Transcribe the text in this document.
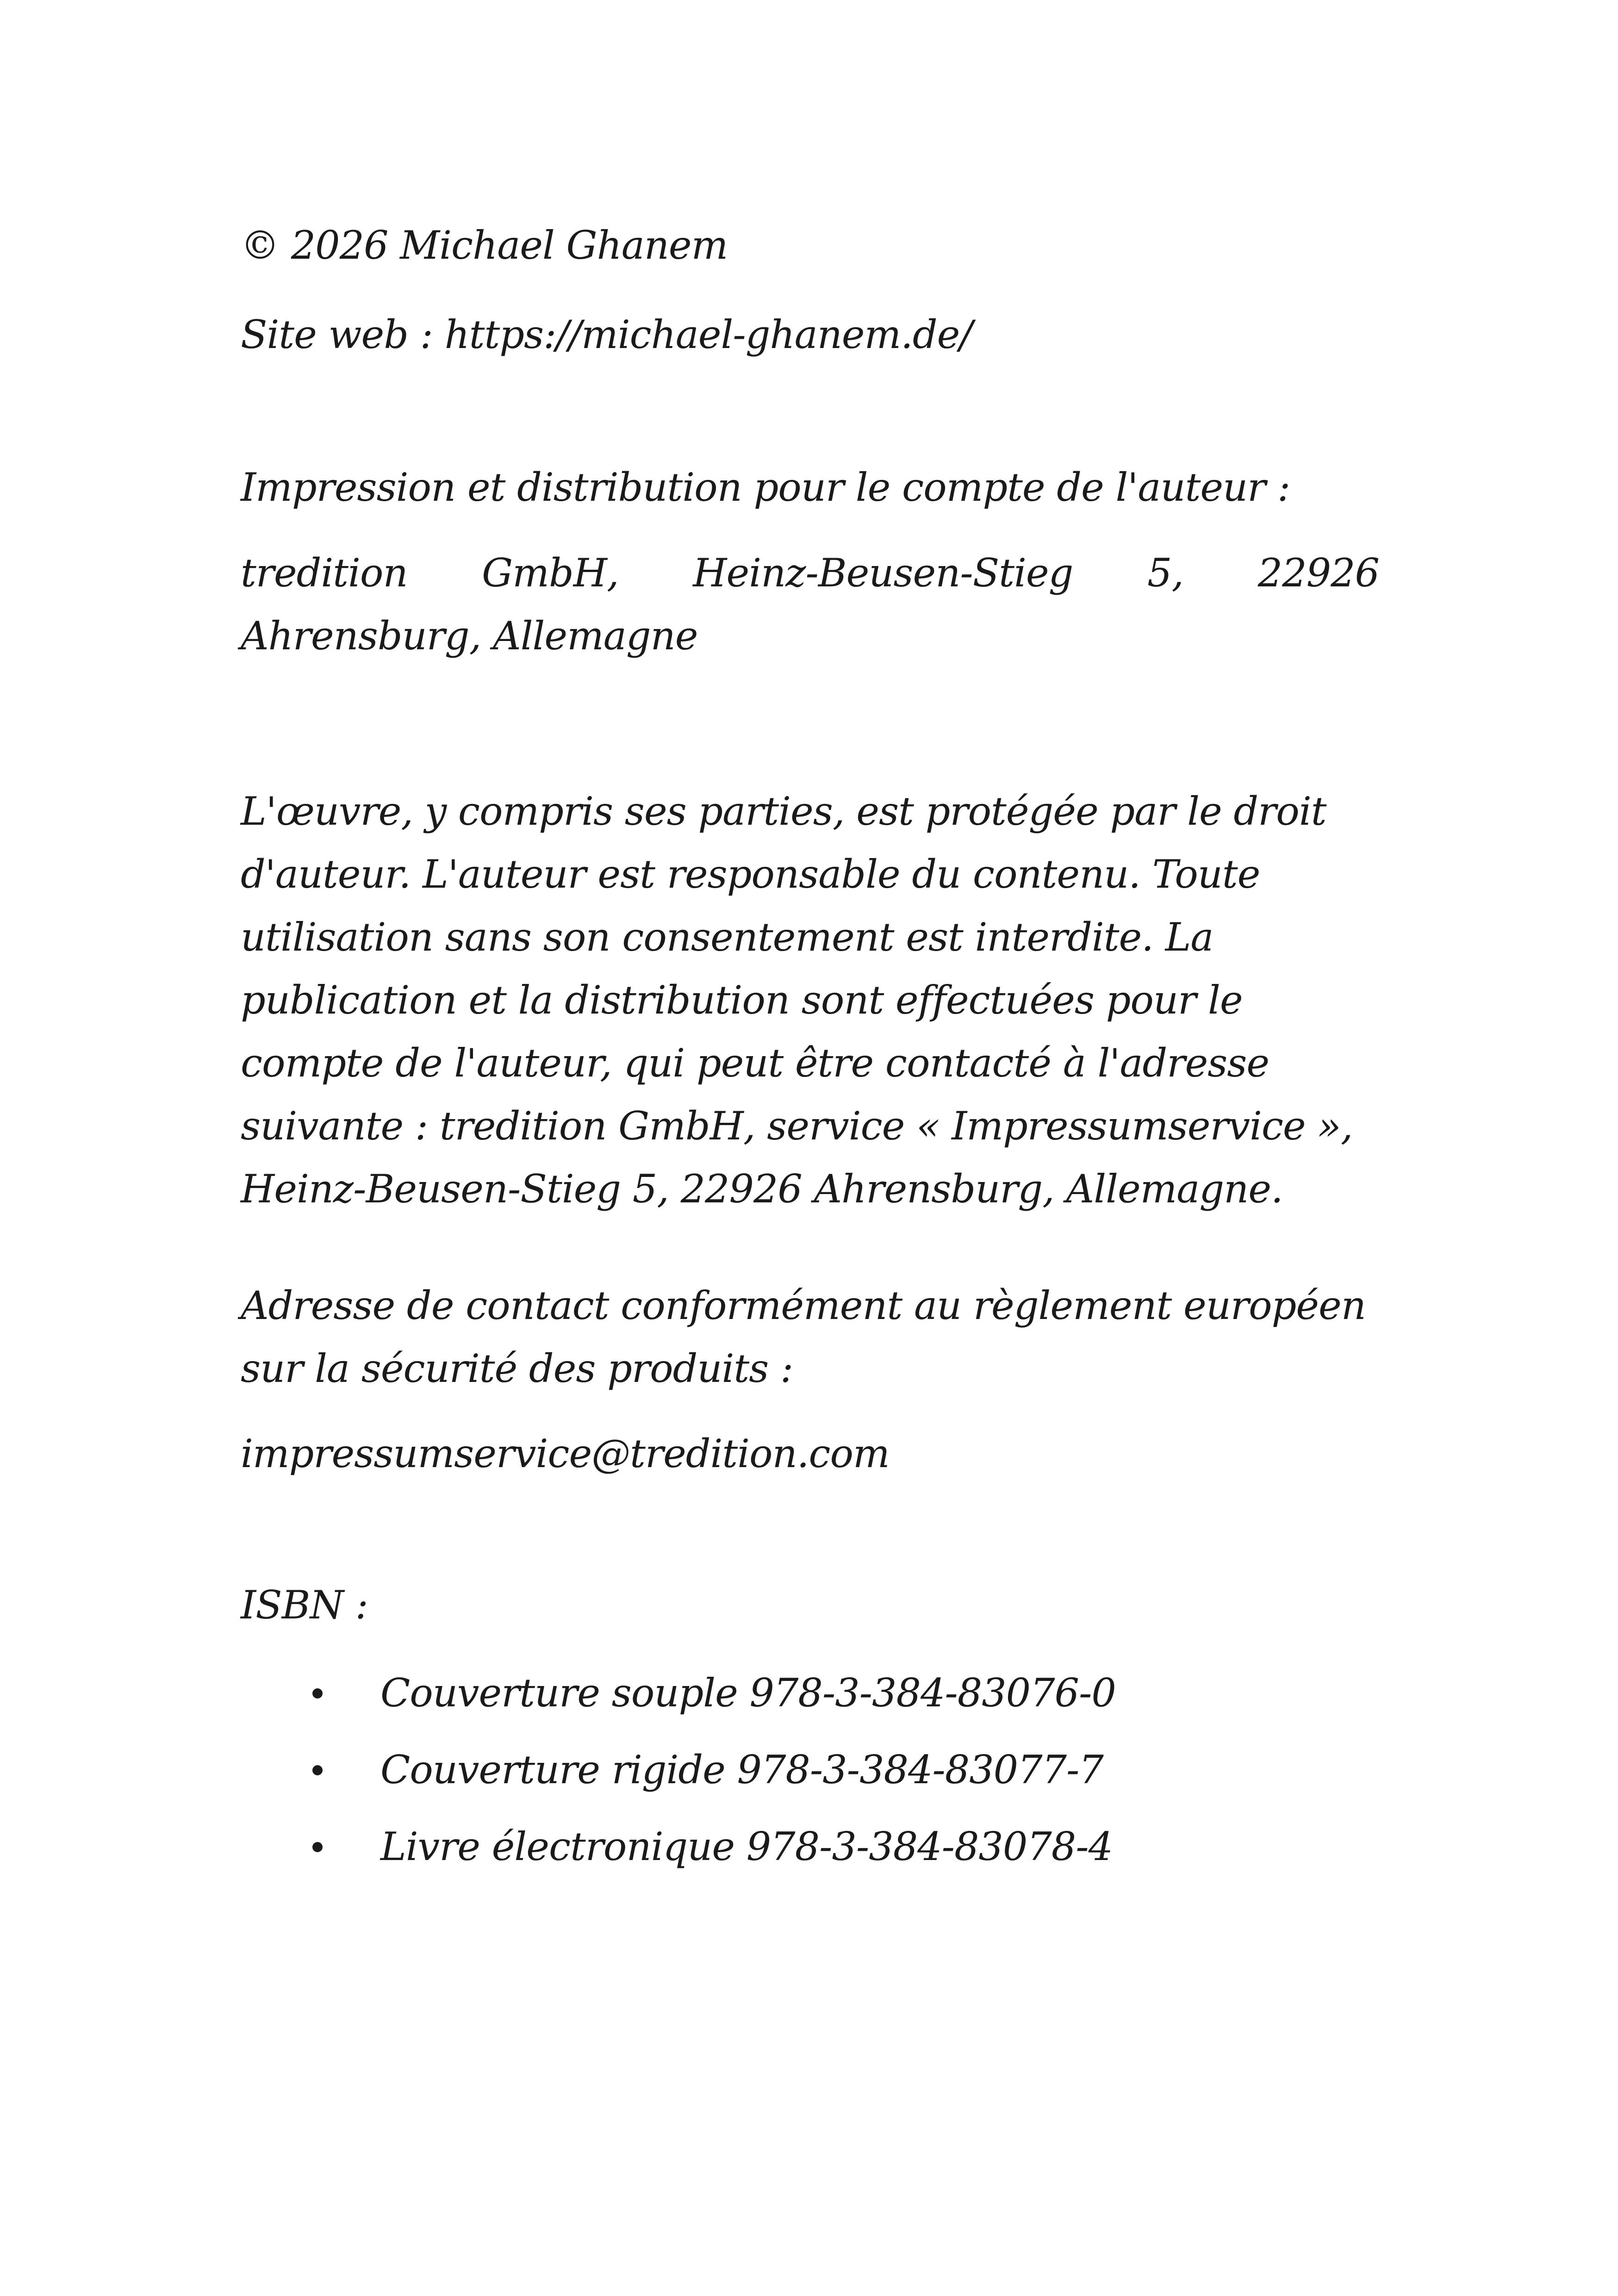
© 2026 Michael Ghanem

Site web : https://michael-ghanem.de/

Impression et distribution pour le compte de l'auteur :

tredition GmbH, Heinz-Beusen-Stieg 5, 22926 Ahrensburg, Allemagne

L'œuvre, y compris ses parties, est protégée par le droit
d'auteur. L'auteur est responsable du contenu. Toute
utilisation sans son consentement est interdite. La
publication et la distribution sont effectuées pour le
compte de l'auteur, qui peut être contacté à l'adresse
suivante : tredition GmbH, service « Impressumservice »,
Heinz-Beusen-Stieg 5, 22926 Ahrensburg, Allemagne.
Adresse de contact conformément au règlement européen
sur la sécurité des produits :

impressumservice@tredition.com

ISBN :

Couverture souple 978-3-384-83076-0
Couverture rigide 978-3-384-83077-7
Livre électronique 978-3-384-83078-4
